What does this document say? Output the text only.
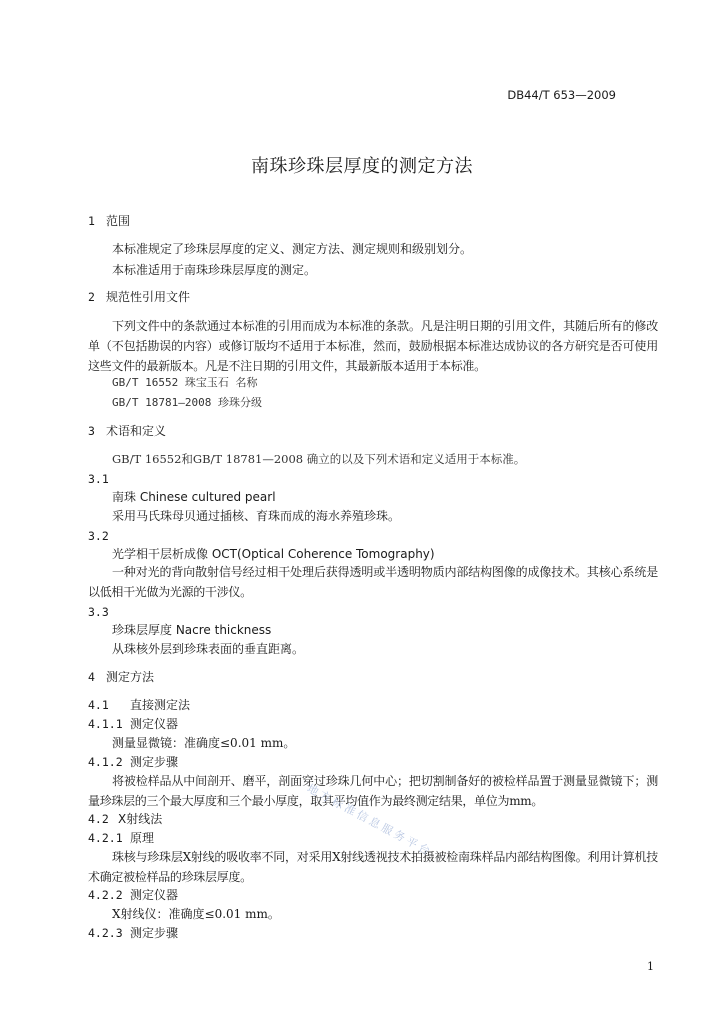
DB44/T 653—2009
南珠珍珠层厚度的测定方法
1 范围
本标准规定了珍珠层厚度的定义、测定方法、测定规则和级别划分。
本标准适用于南珠珍珠层厚度的测定。
2 规范性引用文件
下列文件中的条款通过本标准的引用而成为本标准的条款。凡是注明日期的引用文件，其随后所有的修改单（不包括勘误的内容）或修订版均不适用于本标准，然而，鼓励根据本标准达成协议的各方研究是否可使用这些文件的最新版本。凡是不注日期的引用文件，其最新版本适用于本标准。
GB/T 16552 珠宝玉石 名称
GB/T 18781—2008 珍珠分级
3 术语和定义
GB/T 16552和GB/T 18781—2008 确立的以及下列术语和定义适用于本标准。
3.1
南珠 Chinese cultured pearl
采用马氏珠母贝通过插核、育珠而成的海水养殖珍珠。
3.2
光学相干层析成像 OCT(Optical Coherence Tomography)
一种对光的背向散射信号经过相干处理后获得透明或半透明物质内部结构图像的成像技术。其核心系统是以低相干光做为光源的干涉仪。
3.3
珍珠层厚度 Nacre thickness
从珠核外层到珍珠表面的垂直距离。
4 测定方法
4.1 直接测定法
4.1.1 测定仪器
测量显微镜：准确度≤0.01 mm。
4.1.2 测定步骤
将被检样品从中间剖开、磨平，剖面穿过珍珠几何中心；把切割制备好的被检样品置于测量显微镜下；测量珍珠层的三个最大厚度和三个最小厚度，取其平均值作为最终测定结果，单位为mm。
4.2 X射线法
4.2.1 原理
珠核与珍珠层X射线的吸收率不同，对采用X射线透视技术拍摄被检南珠样品内部结构图像。利用计算机技术确定被检样品的珍珠层厚度。
4.2.2 测定仪器
X射线仪：准确度≤0.01 mm。
4.2.3 测定步骤
地方标准信息服务平台
1
